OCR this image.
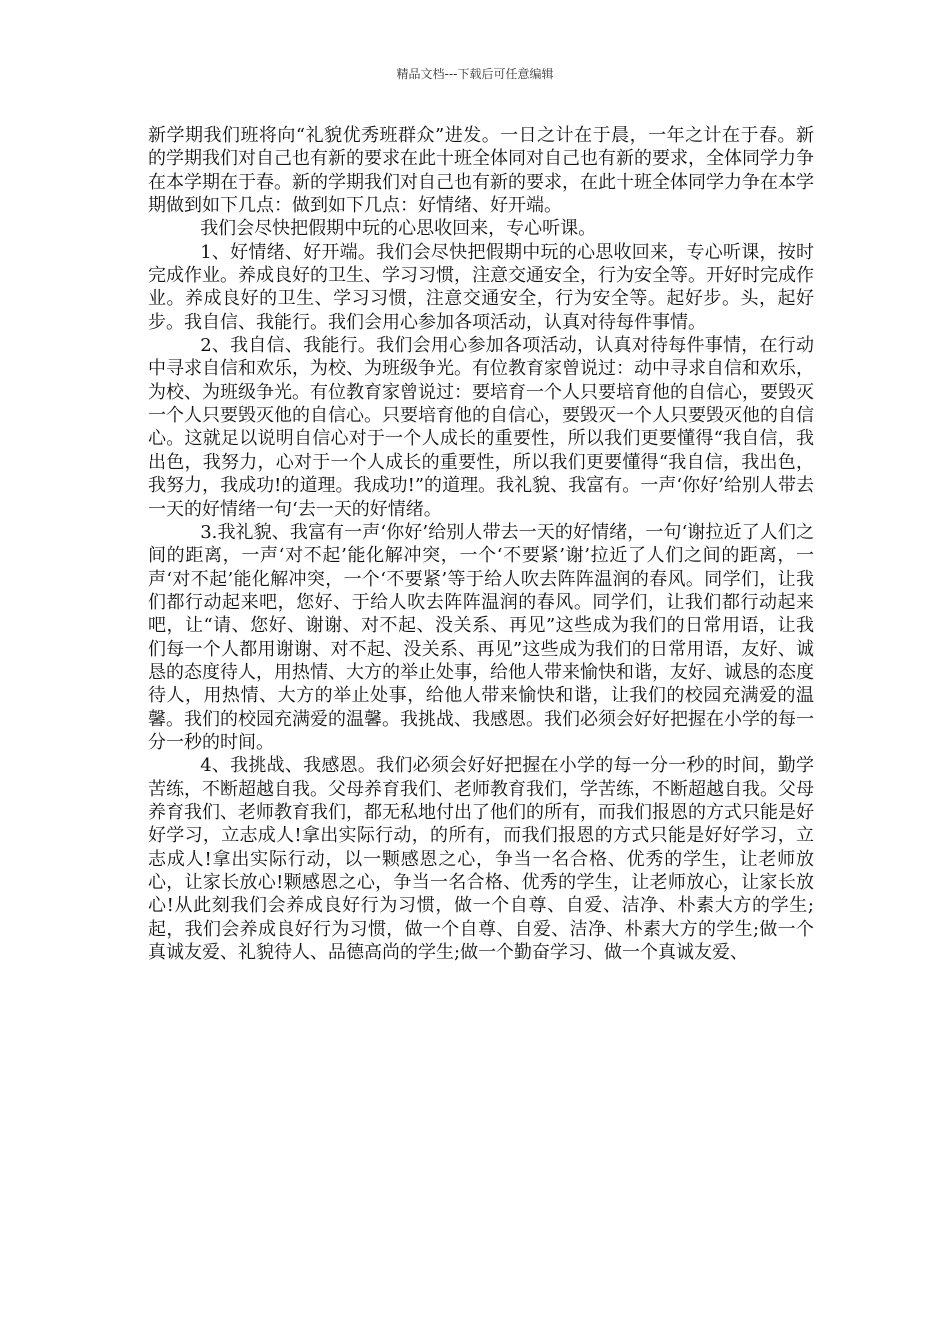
精品文档---下载后可任意编辑

新学期我们班将向“礼貌优秀班群众”进发。一日之计在于晨，一年之计在于春。新的学期我们对自己也有新的要求在此十班全体同对自己也有新的要求，全体同学力争在本学期在于春。新的学期我们对自己也有新的要求，在此十班全体同学力争在本学期做到如下几点：做到如下几点：好情绪、好开端。

我们会尽快把假期中玩的心思收回来，专心听课。

1、好情绪、好开端。我们会尽快把假期中玩的心思收回来，专心听课，按时完成作业。养成良好的卫生、学习习惯，注意交通安全，行为安全等。开好时完成作业。养成良好的卫生、学习习惯，注意交通安全，行为安全等。起好步。头，起好步。我自信、我能行。我们会用心参加各项活动，认真对待每件事情。

2、我自信、我能行。我们会用心参加各项活动，认真对待每件事情，在行动中寻求自信和欢乐，为校、为班级争光。有位教育家曾说过：动中寻求自信和欢乐，为校、为班级争光。有位教育家曾说过：要培育一个人只要培育他的自信心，要毁灭一个人只要毁灭他的自信心。只要培育他的自信心，要毁灭一个人只要毁灭他的自信心。这就足以说明自信心对于一个人成长的重要性，所以我们更要懂得“我自信，我出色，我努力，心对于一个人成长的重要性，所以我们更要懂得“我自信，我出色，我努力，我成功!的道理。我成功!”的道理。我礼貌、我富有。一声‘你好’给别人带去一天的好情绪一句‘去一天的好情绪。

3.我礼貌、我富有一声‘你好’给别人带去一天的好情绪，一句‘谢拉近了人们之间的距离，一声‘对不起’能化解冲突，一个‘不要紧’谢’拉近了人们之间的距离，一声‘对不起’能化解冲突，一个‘不要紧’等于给人吹去阵阵温润的春风。同学们，让我们都行动起来吧，您好、于给人吹去阵阵温润的春风。同学们，让我们都行动起来吧，让“请、您好、谢谢、对不起、没关系、再见”这些成为我们的日常用语，让我们每一个人都用谢谢、对不起、没关系、再见”这些成为我们的日常用语，友好、诚恳的态度待人，用热情、大方的举止处事，给他人带来愉快和谐，友好、诚恳的态度待人，用热情、大方的举止处事，给他人带来愉快和谐，让我们的校园充满爱的温馨。我们的校园充满爱的温馨。我挑战、我感恩。我们必须会好好把握在小学的每一分一秒的时间。

4、我挑战、我感恩。我们必须会好好把握在小学的每一分一秒的时间，勤学苦练，不断超越自我。父母养育我们、老师教育我们，学苦练，不断超越自我。父母养育我们、老师教育我们，都无私地付出了他们的所有，而我们报恩的方式只能是好好学习，立志成人!拿出实际行动，的所有，而我们报恩的方式只能是好好学习，立志成人!拿出实际行动，以一颗感恩之心，争当一名合格、优秀的学生，让老师放心，让家长放心!颗感恩之心，争当一名合格、优秀的学生，让老师放心，让家长放心!从此刻我们会养成良好行为习惯，做一个自尊、自爱、洁净、朴素大方的学生;起，我们会养成良好行为习惯，做一个自尊、自爱、洁净、朴素大方的学生;做一个真诚友爱、礼貌待人、品德高尚的学生;做一个勤奋学习、做一个真诚友爱、
